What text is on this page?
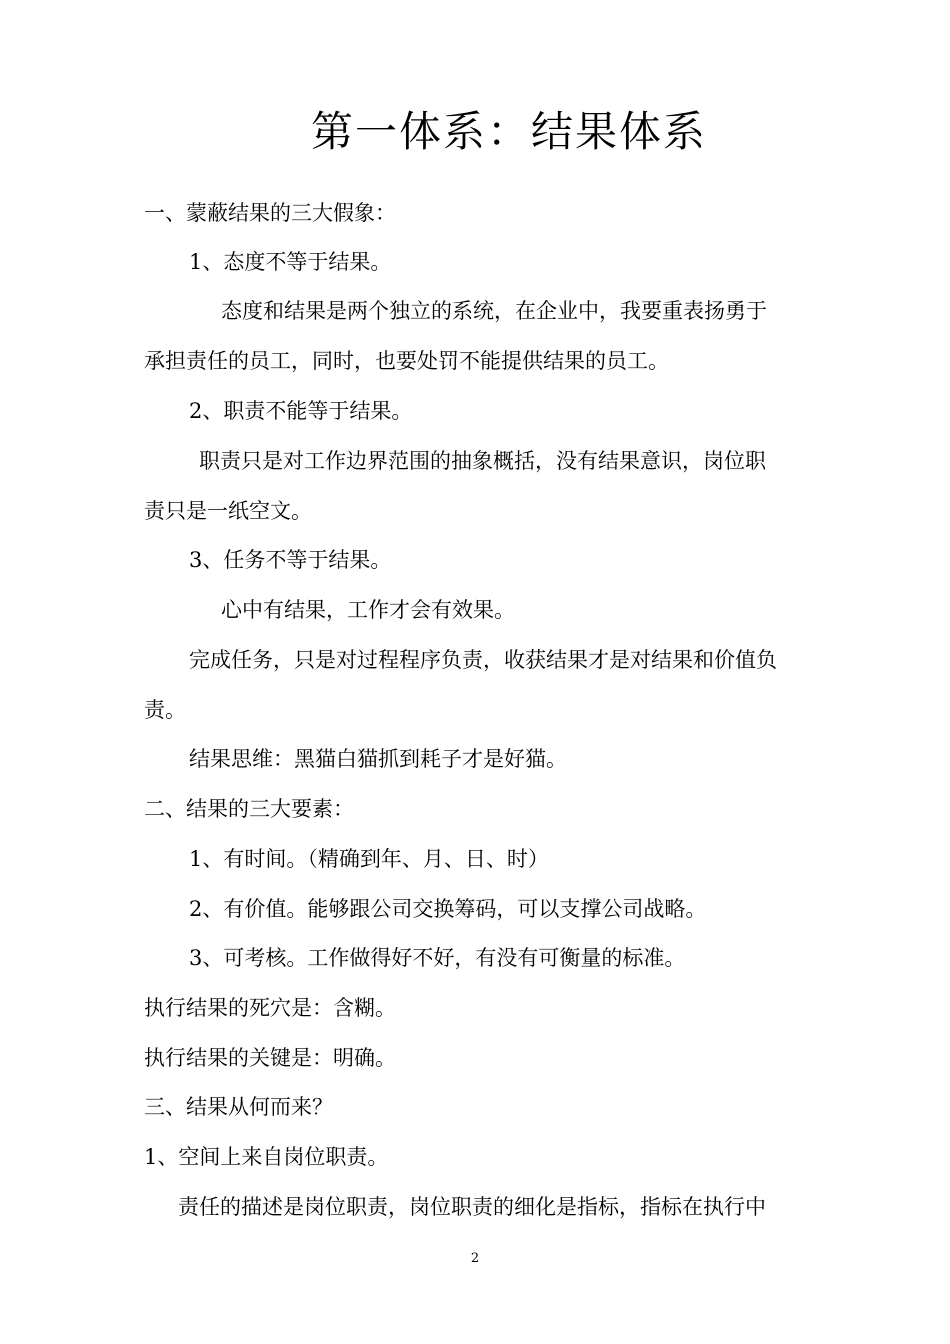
第一体系：结果体系
一、蒙蔽结果的三大假象：
1、态度不等于结果。
态度和结果是两个独立的系统，在企业中，我要重表扬勇于
承担责任的员工，同时，也要处罚不能提供结果的员工。
2、职责不能等于结果。
职责只是对工作边界范围的抽象概括，没有结果意识，岗位职
责只是一纸空文。
3、任务不等于结果。
心中有结果，工作才会有效果。
完成任务，只是对过程程序负责，收获结果才是对结果和价值负
责。
结果思维：黑猫白猫抓到耗子才是好猫。
二、结果的三大要素：
1、有时间。（精确到年、月、日、时）
2、有价值。能够跟公司交换筹码，可以支撑公司战略。
3、可考核。工作做得好不好，有没有可衡量的标准。
执行结果的死穴是：含糊。
执行结果的关键是：明确。
三、结果从何而来？
1、空间上来自岗位职责。
责任的描述是岗位职责，岗位职责的细化是指标，指标在执行中
2
